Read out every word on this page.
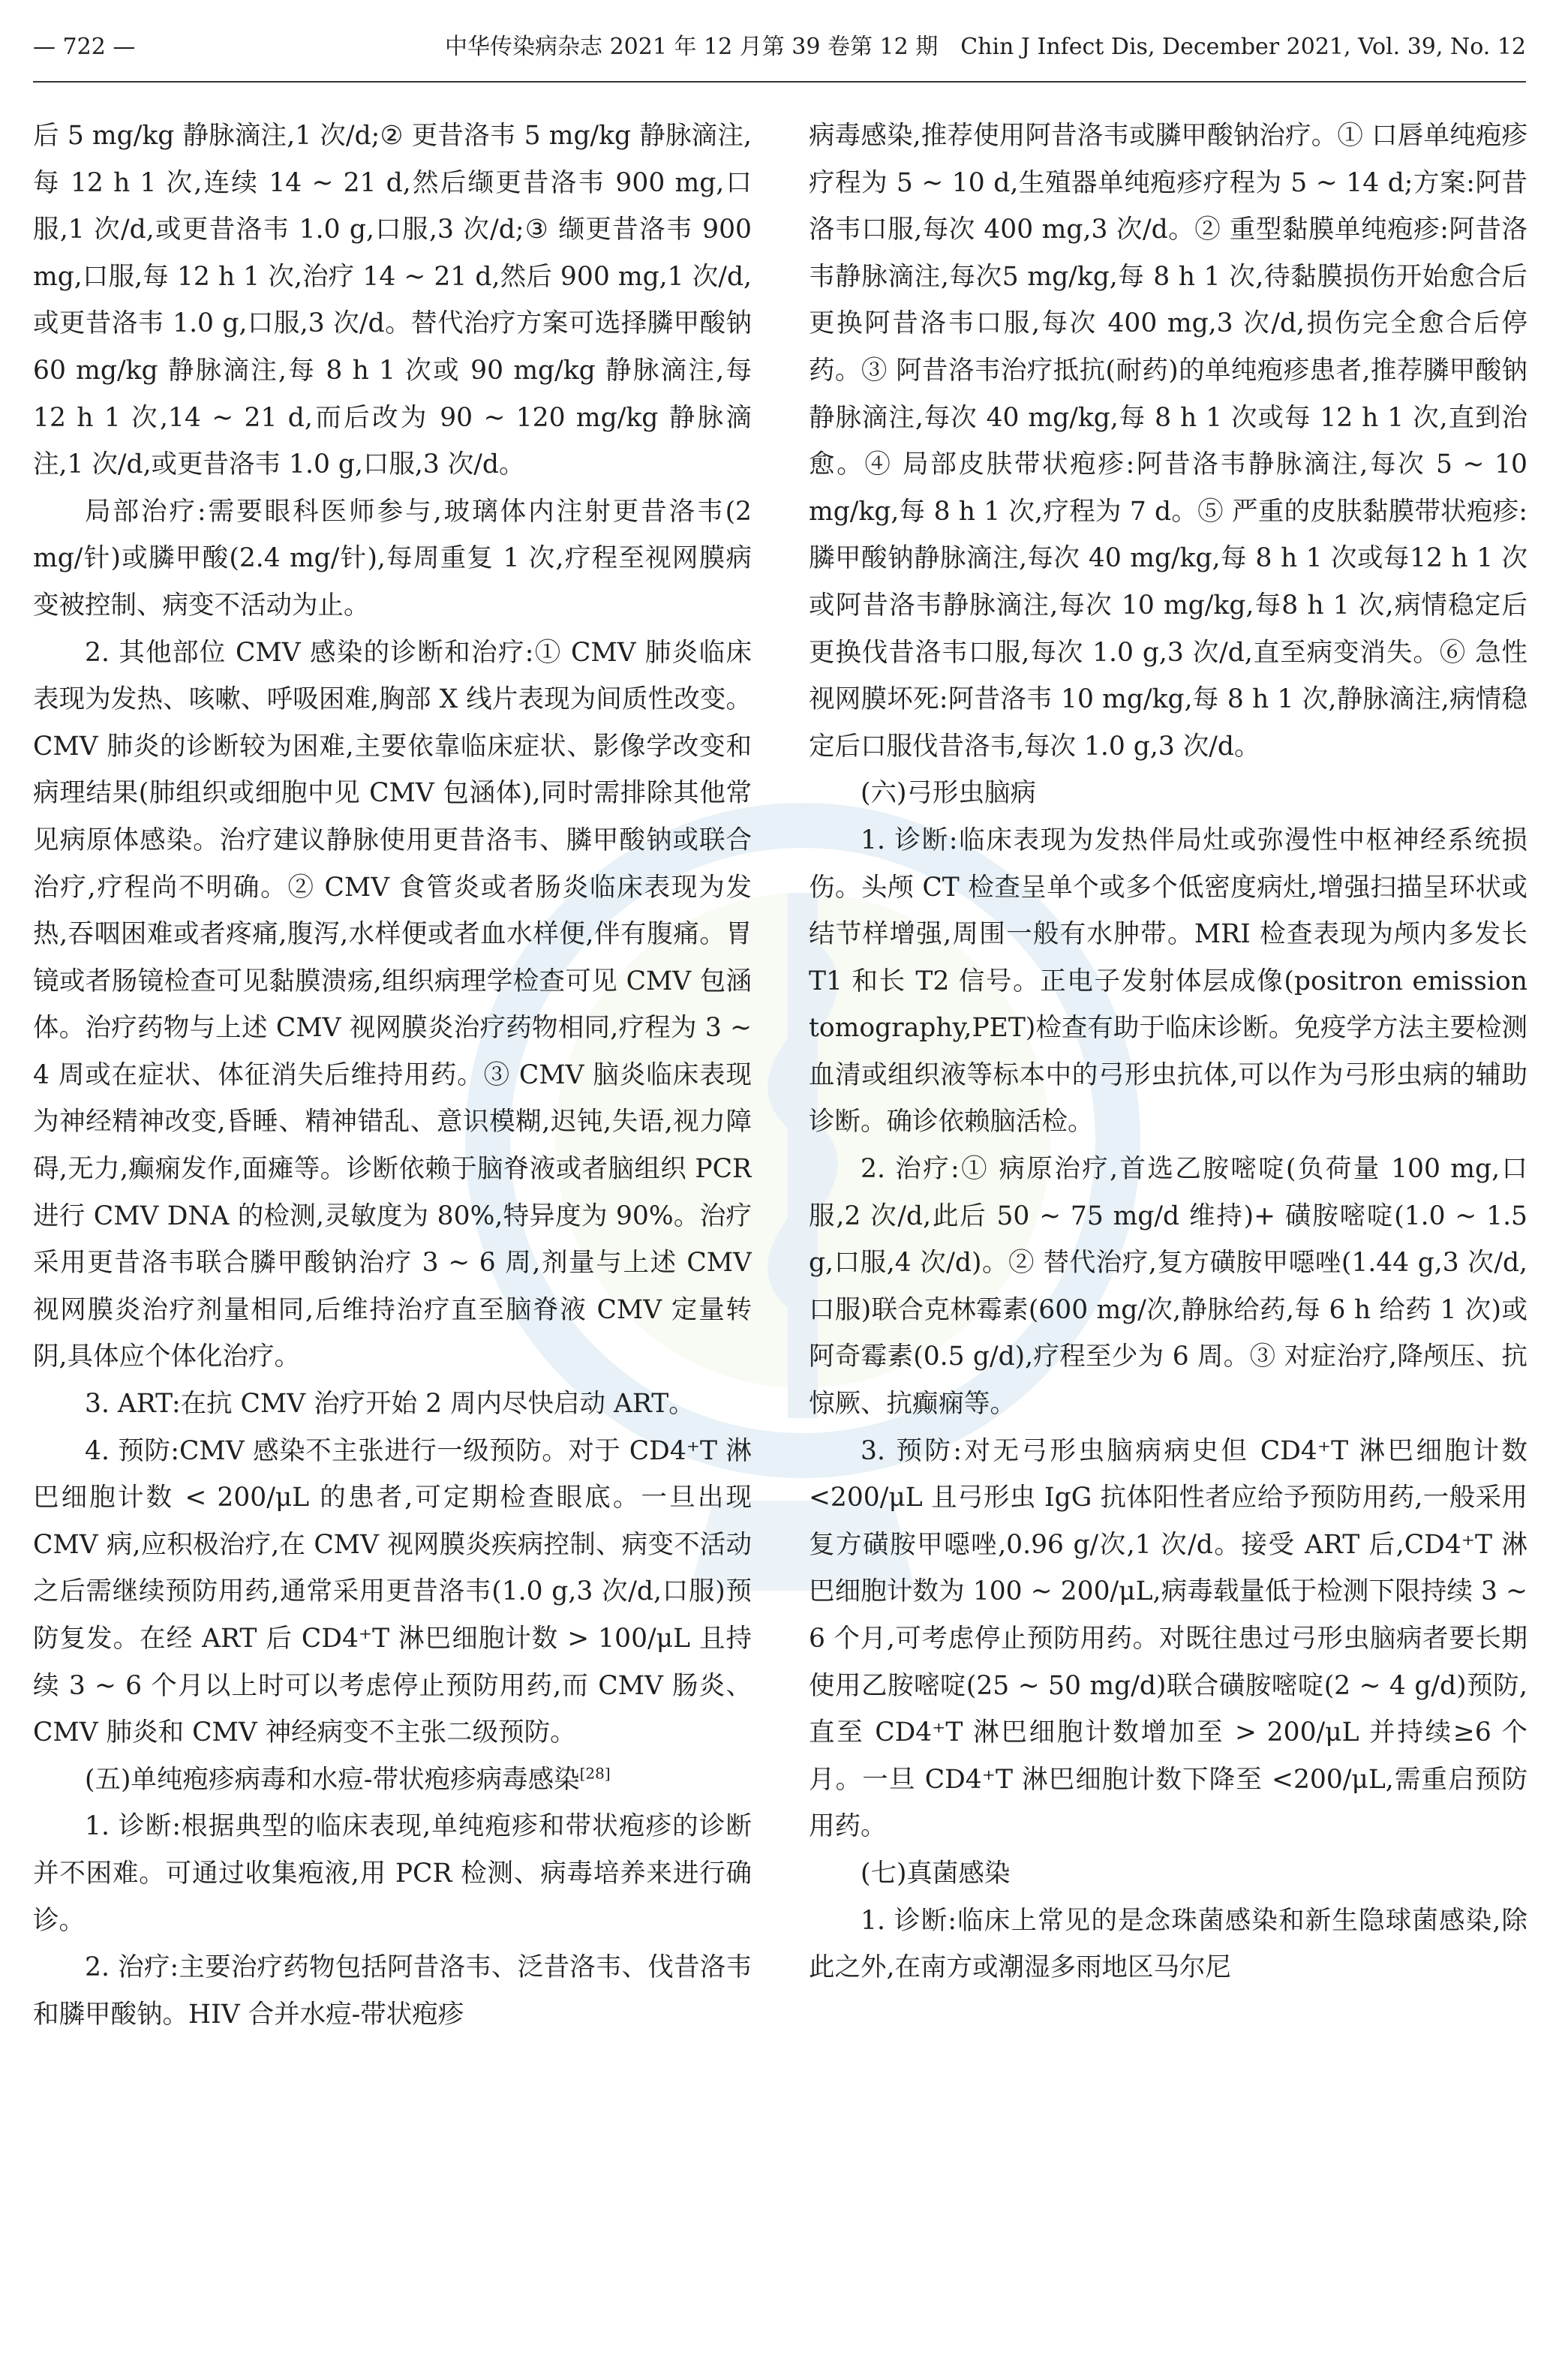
— 722 —	中华传染病杂志 2021 年 12 月第 39 卷第 12 期　Chin J Infect Dis, December 2021, Vol. 39, No. 12

后 5 mg/kg 静脉滴注,1 次/d;② 更昔洛韦 5 mg/kg 静脉滴注,每 12 h 1 次,连续 14 ~ 21 d,然后缬更昔洛韦 900 mg,口服,1 次/d,或更昔洛韦 1.0 g,口服,3 次/d;③ 缬更昔洛韦 900 mg,口服,每 12 h 1 次,治疗 14 ~ 21 d,然后 900 mg,1 次/d,或更昔洛韦 1.0 g,口服,3 次/d。替代治疗方案可选择膦甲酸钠 60 mg/kg 静脉滴注,每 8 h 1 次或 90 mg/kg 静脉滴注,每 12 h 1 次,14 ~ 21 d,而后改为 90 ~ 120 mg/kg 静脉滴注,1 次/d,或更昔洛韦 1.0 g,口服,3 次/d。

局部治疗:需要眼科医师参与,玻璃体内注射更昔洛韦(2 mg/针)或膦甲酸(2.4 mg/针),每周重复 1 次,疗程至视网膜病变被控制、病变不活动为止。

2. 其他部位 CMV 感染的诊断和治疗:① CMV 肺炎临床表现为发热、咳嗽、呼吸困难,胸部 X 线片表现为间质性改变。CMV 肺炎的诊断较为困难,主要依靠临床症状、影像学改变和病理结果(肺组织或细胞中见 CMV 包涵体),同时需排除其他常见病原体感染。治疗建议静脉使用更昔洛韦、膦甲酸钠或联合治疗,疗程尚不明确。② CMV 食管炎或者肠炎临床表现为发热,吞咽困难或者疼痛,腹泻,水样便或者血水样便,伴有腹痛。胃镜或者肠镜检查可见黏膜溃疡,组织病理学检查可见 CMV 包涵体。治疗药物与上述 CMV 视网膜炎治疗药物相同,疗程为 3 ~ 4 周或在症状、体征消失后维持用药。③ CMV 脑炎临床表现为神经精神改变,昏睡、精神错乱、意识模糊,迟钝,失语,视力障碍,无力,癫痫发作,面瘫等。诊断依赖于脑脊液或者脑组织 PCR 进行 CMV DNA 的检测,灵敏度为 80%,特异度为 90%。治疗采用更昔洛韦联合膦甲酸钠治疗 3 ~ 6 周,剂量与上述 CMV 视网膜炎治疗剂量相同,后维持治疗直至脑脊液 CMV 定量转阴,具体应个体化治疗。

3. ART:在抗 CMV 治疗开始 2 周内尽快启动 ART。

4. 预防:CMV 感染不主张进行一级预防。对于 CD4⁺T 淋巴细胞计数 < 200/μL 的患者,可定期检查眼底。一旦出现 CMV 病,应积极治疗,在 CMV 视网膜炎疾病控制、病变不活动之后需继续预防用药,通常采用更昔洛韦(1.0 g,3 次/d,口服)预防复发。在经 ART 后 CD4⁺T 淋巴细胞计数 > 100/μL 且持续 3 ~ 6 个月以上时可以考虑停止预防用药,而 CMV 肠炎、CMV 肺炎和 CMV 神经病变不主张二级预防。

(五)单纯疱疹病毒和水痘-带状疱疹病毒感染[28]

1. 诊断:根据典型的临床表现,单纯疱疹和带状疱疹的诊断并不困难。可通过收集疱液,用 PCR 检测、病毒培养来进行确诊。

2. 治疗:主要治疗药物包括阿昔洛韦、泛昔洛韦、伐昔洛韦和膦甲酸钠。HIV 合并水痘-带状疱疹

病毒感染,推荐使用阿昔洛韦或膦甲酸钠治疗。① 口唇单纯疱疹疗程为 5 ~ 10 d,生殖器单纯疱疹疗程为 5 ~ 14 d;方案:阿昔洛韦口服,每次 400 mg,3 次/d。② 重型黏膜单纯疱疹:阿昔洛韦静脉滴注,每次5 mg/kg,每 8 h 1 次,待黏膜损伤开始愈合后更换阿昔洛韦口服,每次 400 mg,3 次/d,损伤完全愈合后停药。③ 阿昔洛韦治疗抵抗(耐药)的单纯疱疹患者,推荐膦甲酸钠静脉滴注,每次 40 mg/kg,每 8 h 1 次或每 12 h 1 次,直到治愈。④ 局部皮肤带状疱疹:阿昔洛韦静脉滴注,每次 5 ~ 10 mg/kg,每 8 h 1 次,疗程为 7 d。⑤ 严重的皮肤黏膜带状疱疹:膦甲酸钠静脉滴注,每次 40 mg/kg,每 8 h 1 次或每12 h 1 次或阿昔洛韦静脉滴注,每次 10 mg/kg,每8 h 1 次,病情稳定后更换伐昔洛韦口服,每次 1.0 g,3 次/d,直至病变消失。⑥ 急性视网膜坏死:阿昔洛韦 10 mg/kg,每 8 h 1 次,静脉滴注,病情稳定后口服伐昔洛韦,每次 1.0 g,3 次/d。

(六)弓形虫脑病

1. 诊断:临床表现为发热伴局灶或弥漫性中枢神经系统损伤。头颅 CT 检查呈单个或多个低密度病灶,增强扫描呈环状或结节样增强,周围一般有水肿带。MRI 检查表现为颅内多发长 T1 和长 T2 信号。正电子发射体层成像(positron emission tomography,PET)检查有助于临床诊断。免疫学方法主要检测血清或组织液等标本中的弓形虫抗体,可以作为弓形虫病的辅助诊断。确诊依赖脑活检。

2. 治疗:① 病原治疗,首选乙胺嘧啶(负荷量 100 mg,口服,2 次/d,此后 50 ~ 75 mg/d 维持)+ 磺胺嘧啶(1.0 ~ 1.5 g,口服,4 次/d)。② 替代治疗,复方磺胺甲噁唑(1.44 g,3 次/d,口服)联合克林霉素(600 mg/次,静脉给药,每 6 h 给药 1 次)或阿奇霉素(0.5 g/d),疗程至少为 6 周。③ 对症治疗,降颅压、抗惊厥、抗癫痫等。

3. 预防:对无弓形虫脑病病史但 CD4⁺T 淋巴细胞计数 <200/μL 且弓形虫 IgG 抗体阳性者应给予预防用药,一般采用复方磺胺甲噁唑,0.96 g/次,1 次/d。接受 ART 后,CD4⁺T 淋巴细胞计数为 100 ~ 200/μL,病毒载量低于检测下限持续 3 ~ 6 个月,可考虑停止预防用药。对既往患过弓形虫脑病者要长期使用乙胺嘧啶(25 ~ 50 mg/d)联合磺胺嘧啶(2 ~ 4 g/d)预防,直至 CD4⁺T 淋巴细胞计数增加至 > 200/μL 并持续≥6 个月。一旦 CD4⁺T 淋巴细胞计数下降至 <200/μL,需重启预防用药。

(七)真菌感染

1. 诊断:临床上常见的是念珠菌感染和新生隐球菌感染,除此之外,在南方或潮湿多雨地区马尔尼
